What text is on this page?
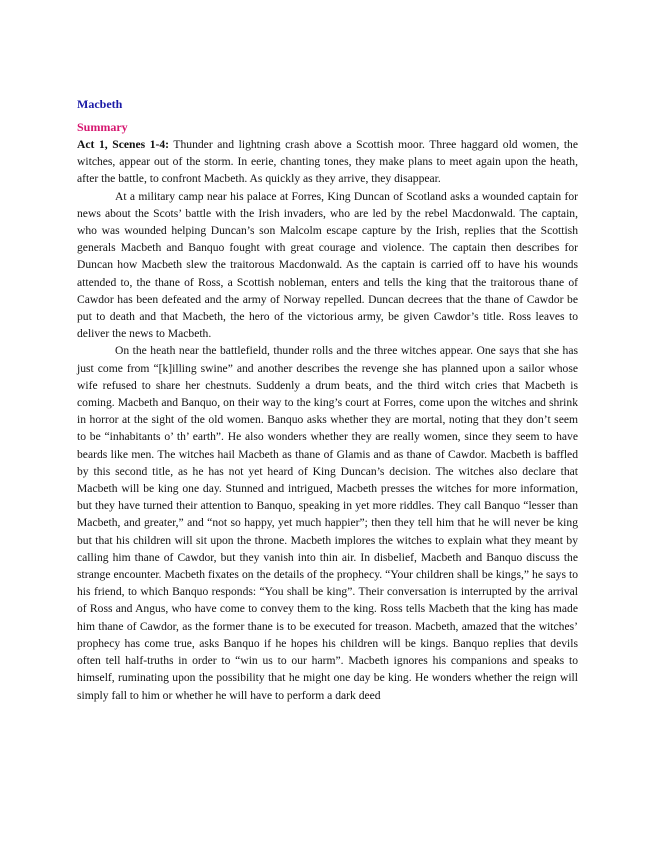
Macbeth
Summary

Act 1, Scenes 1-4: Thunder and lightning crash above a Scottish moor. Three haggard old women, the witches, appear out of the storm. In eerie, chanting tones, they make plans to meet again upon the heath, after the battle, to confront Macbeth. As quickly as they arrive, they disappear.

At a military camp near his palace at Forres, King Duncan of Scotland asks a wounded captain for news about the Scots’ battle with the Irish invaders, who are led by the rebel Macdonwald. The captain, who was wounded helping Duncan’s son Malcolm escape capture by the Irish, replies that the Scottish generals Macbeth and Banquo fought with great courage and violence. The captain then describes for Duncan how Macbeth slew the traitorous Macdonwald. As the captain is carried off to have his wounds attended to, the thane of Ross, a Scottish nobleman, enters and tells the king that the traitorous thane of Cawdor has been defeated and the army of Norway repelled. Duncan decrees that the thane of Cawdor be put to death and that Macbeth, the hero of the victorious army, be given Cawdor’s title. Ross leaves to deliver the news to Macbeth.

On the heath near the battlefield, thunder rolls and the three witches appear. One says that she has just come from “[k]illing swine” and another describes the revenge she has planned upon a sailor whose wife refused to share her chestnuts. Suddenly a drum beats, and the third witch cries that Macbeth is coming. Macbeth and Banquo, on their way to the king’s court at Forres, come upon the witches and shrink in horror at the sight of the old women. Banquo asks whether they are mortal, noting that they don’t seem to be “inhabitants o’ th’ earth”. He also wonders whether they are really women, since they seem to have beards like men. The witches hail Macbeth as thane of Glamis and as thane of Cawdor. Macbeth is baffled by this second title, as he has not yet heard of King Duncan’s decision. The witches also declare that Macbeth will be king one day. Stunned and intrigued, Macbeth presses the witches for more information, but they have turned their attention to Banquo, speaking in yet more riddles. They call Banquo “lesser than Macbeth, and greater,” and “not so happy, yet much happier”; then they tell him that he will never be king but that his children will sit upon the throne. Macbeth implores the witches to explain what they meant by calling him thane of Cawdor, but they vanish into thin air. In disbelief, Macbeth and Banquo discuss the strange encounter. Macbeth fixates on the details of the prophecy. “Your children shall be kings,” he says to his friend, to which Banquo responds: “You shall be king”. Their conversation is interrupted by the arrival of Ross and Angus, who have come to convey them to the king. Ross tells Macbeth that the king has made him thane of Cawdor, as the former thane is to be executed for treason. Macbeth, amazed that the witches’ prophecy has come true, asks Banquo if he hopes his children will be kings. Banquo replies that devils often tell half-truths in order to “win us to our harm”. Macbeth ignores his companions and speaks to himself, ruminating upon the possibility that he might one day be king. He wonders whether the reign will simply fall to him or whether he will have to perform a dark deed
